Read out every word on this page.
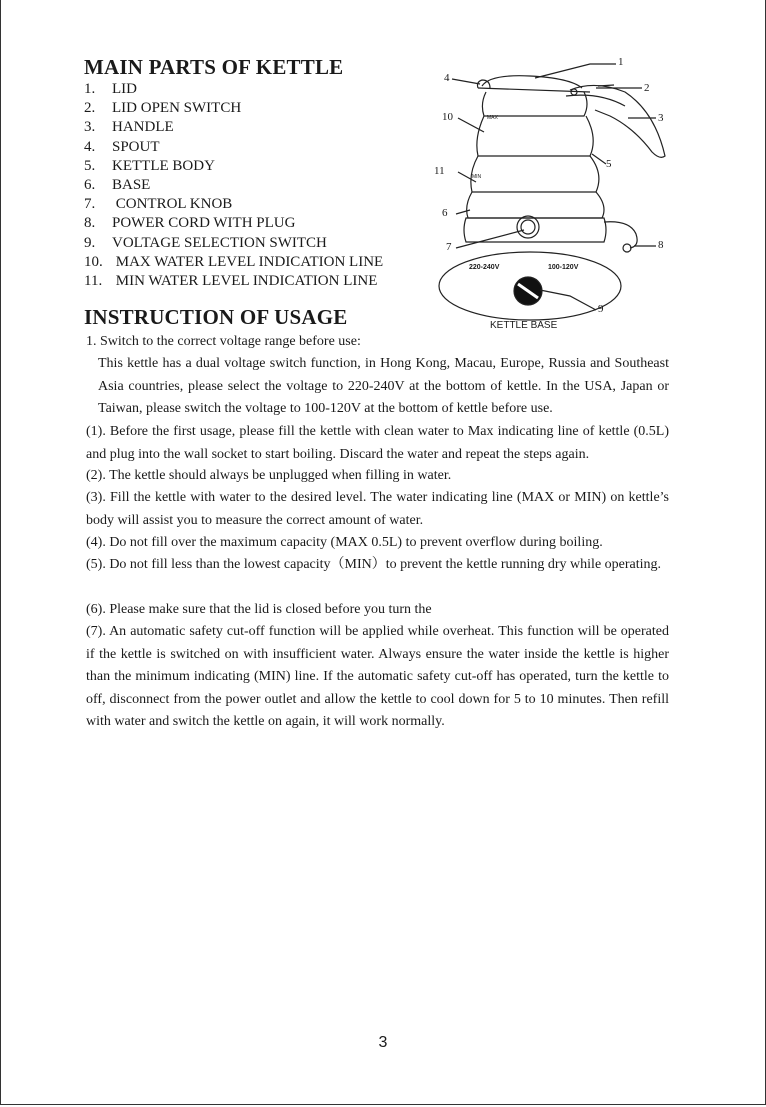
MAIN PARTS OF KETTLE
1. LID
2. LID OPEN SWITCH
3. HANDLE
4. SPOUT
5. KETTLE BODY
6. BASE
7. CONTROL KNOB
8. POWER CORD WITH PLUG
9. VOLTAGE SELECTION SWITCH
10. MAX WATER LEVEL INDICATION LINE
11. MIN WATER LEVEL INDICATION LINE
1
2
3
4
5
6
7	8
9
10
11
MAX
MIN
220-240V	100-120V
KETTLE BASE
INSTRUCTION OF USAGE

1. Switch to the correct voltage range before use:

This kettle has a dual voltage switch function, in Hong Kong, Macau, Europe, Russia and Southeast Asia countries, please select the voltage to 220-240V at the bottom of kettle. In the USA, Japan or Taiwan, please switch the voltage to 100-120V at the bottom of kettle before use.

(1). Before the first usage, please fill the kettle with clean water to Max indicating line of kettle (0.5L) and plug into the wall socket to start boiling. Discard the water and repeat the steps again.

(2). The kettle should always be unplugged when filling in water.

(3). Fill the kettle with water to the desired level. The water indicating line (MAX or MIN) on kettle’s body will assist you to measure the correct amount of water.

(4). Do not fill over the maximum capacity (MAX 0.5L) to prevent overflow during boiling.

(5). Do not fill less than the lowest capacity（MIN）to prevent the kettle running dry while operating.

(6). Please make sure that the lid is closed before you turn the

(7). An automatic safety cut-off function will be applied while overheat. This function will be operated if the kettle is switched on with insufficient water. Always ensure the water inside the kettle is higher than the minimum indicating (MIN) line. If the automatic safety cut-off has operated, turn the kettle to off, disconnect from the power outlet and allow the kettle to cool down for 5 to 10 minutes. Then refill with water and switch the kettle on again, it will work normally.

3
